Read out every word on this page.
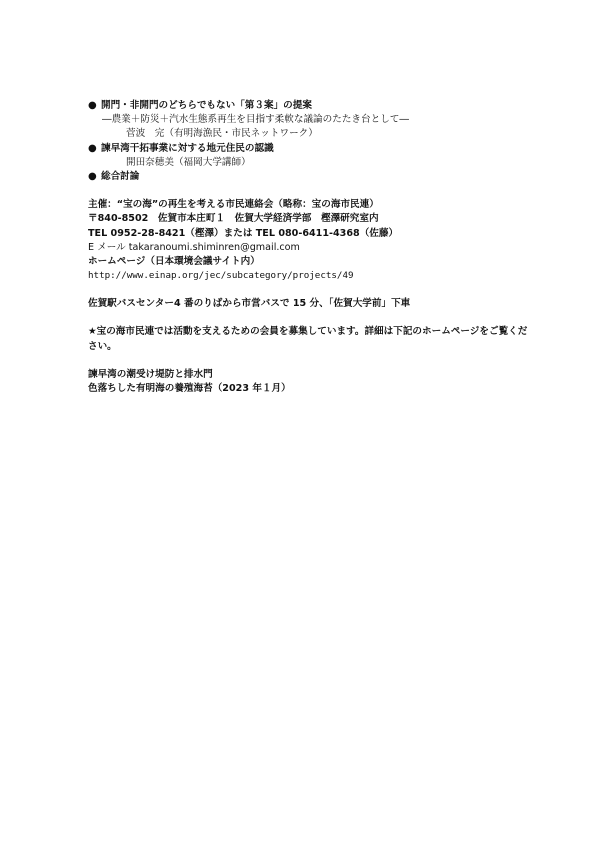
● 開門・非開門のどちらでもない「第３案」の提案
―農業＋防災＋汽水生態系再生を目指す柔軟な議論のたたき台として―
菅波　完（有明海漁民・市民ネットワーク）
● 諫早湾干拓事業に対する地元住民の認識
開田奈穂美（福岡大学講師）
● 総合討論
主催：“宝の海”の再生を考える市民連絡会（略称：宝の海市民連）
〒840-8502　佐賀市本庄町１　佐賀大学経済学部　樫澤研究室内
TEL 0952-28-8421（樫澤）または TEL 080-6411-4368（佐藤）
E メール takaranoumi.shiminren@gmail.com
ホームページ（日本環境会議サイト内）
http://www.einap.org/jec/subcategory/projects/49
佐賀駅バスセンター4 番のりばから市営バスで 15 分、「佐賀大学前」下車
★宝の海市民連では活動を支えるための会員を募集しています。詳細は下記のホームページをご覧ください。
諫早湾の潮受け堤防と排水門
色落ちした有明海の養殖海苔（2023 年１月）
